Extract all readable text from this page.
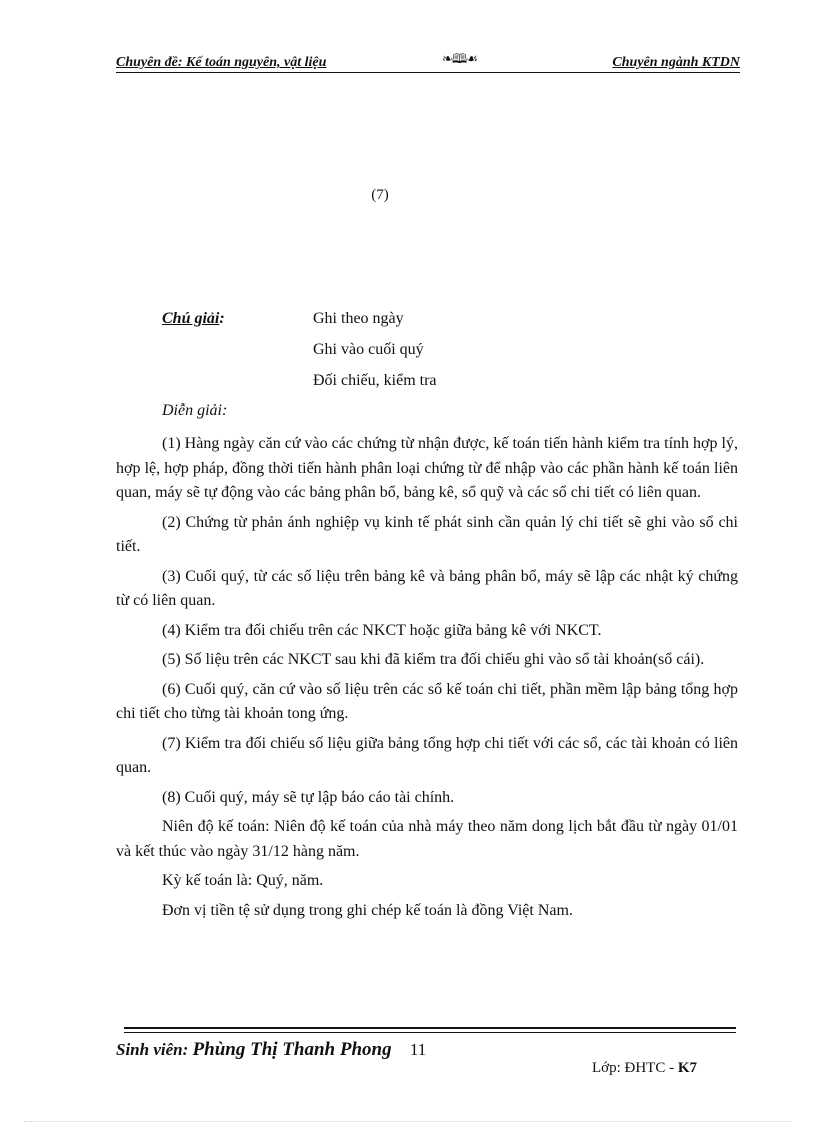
Chuyên đề: Kế toán nguyên, vật liệu	❧🕮☙	Chuyên ngành KTDN
(7)
Chú giải:	Ghi theo ngày
Ghi vào cuối quý
Đối chiếu, kiểm tra
Diễn giải:

(1) Hàng ngày căn cứ vào các chứng từ nhận được, kế toán tiến hành kiểm tra tính hợp lý, hợp lệ, hợp pháp, đồng thời tiến hành phân loại chứng từ để nhập vào các phần hành kế toán liên quan, máy sẽ tự động vào các bảng phân bổ, bảng kê, sổ quỹ và các sổ chi tiết có liên quan.

(2) Chứng từ phản ánh nghiệp vụ kinh tế phát sinh cần quản lý chi tiết sẽ ghi vào sổ chi tiết.

(3) Cuối quý, từ các số liệu trên bảng kê và bảng phân bổ, máy sẽ lập các nhật ký chứng từ có liên quan.

(4) Kiểm tra đối chiếu trên các NKCT hoặc giữa bảng kê với NKCT.

(5) Số liệu trên các NKCT sau khi đã kiểm tra đối chiếu ghi vào sổ tài khoản(sổ cái).

(6) Cuối quý, căn cứ vào số liệu trên các sổ kế toán chi tiết, phần mềm lập bảng tổng hợp chi tiết cho từng tài khoản tong ứng.

(7) Kiểm tra đối chiếu số liệu giữa bảng tổng hợp chi tiết với các sổ, các tài khoản có liên quan.

(8) Cuối quý, máy sẽ tự lập báo cáo tài chính.

Niên độ kế toán: Niên độ kế toán của nhà máy theo năm dong lịch bắt đầu từ ngày 01/01 và kết thúc vào ngày 31/12 hàng năm.

Kỳ kế toán là: Quý, năm.

Đơn vị tiền tệ sử dụng trong ghi chép kế toán là đồng Việt Nam.

Sinh viên: Phùng Thị Thanh Phong 11
Lớp: ĐHTC - K7
